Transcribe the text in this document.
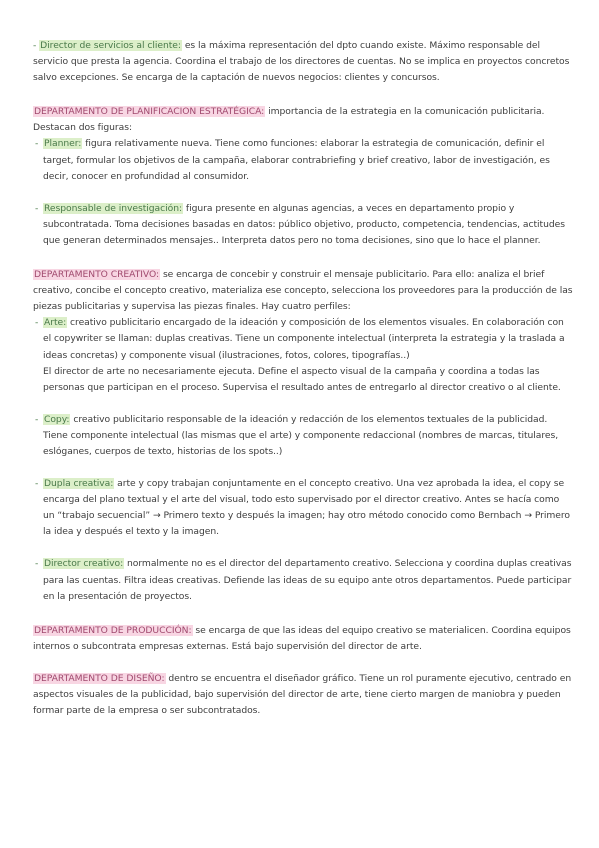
- Director de servicios al cliente: es la máxima representación del dpto cuando existe. Máximo responsable del servicio que presta la agencia. Coordina el trabajo de los directores de cuentas. No se implica en proyectos concretos salvo excepciones. Se encarga de la captación de nuevos negocios: clientes y concursos.

DEPARTAMENTO DE PLANIFICACION ESTRATÉGICA: importancia de la estrategia en la comunicación publicitaria. Destacan dos figuras:

- Planner: figura relativamente nueva. Tiene como funciones: elaborar la estrategia de comunicación, definir el target, formular los objetivos de la campaña, elaborar contrabriefing y brief creativo, labor de investigación, es decir, conocer en profundidad al consumidor.
- Responsable de investigación: figura presente en algunas agencias, a veces en departamento propio y subcontratada. Toma decisiones basadas en datos: público objetivo, producto, competencia, tendencias, actitudes que generan determinados mensajes.. Interpreta datos pero no toma decisiones, sino que lo hace el planner.

DEPARTAMENTO CREATIVO: se encarga de concebir y construir el mensaje publicitario. Para ello: analiza el brief creativo, concibe el concepto creativo, materializa ese concepto, selecciona los proveedores para la producción de las piezas publicitarias y supervisa las piezas finales. Hay cuatro perfiles:

- Arte: creativo publicitario encargado de la ideación y composición de los elementos visuales. En colaboración con el copywriter se llaman: duplas creativas. Tiene un componente intelectual (interpreta la estrategia y la traslada a ideas concretas) y componente visual (ilustraciones, fotos, colores, tipografías..)

El director de arte no necesariamente ejecuta. Define el aspecto visual de la campaña y coordina a todas las personas que participan en el proceso. Supervisa el resultado antes de entregarlo al director creativo o al cliente.

- Copy: creativo publicitario responsable de la ideación y redacción de los elementos textuales de la publicidad. Tiene componente intelectual (las mismas que el arte) y componente redaccional (nombres de marcas, titulares, eslóganes, cuerpos de texto, historias de los spots..)
- Dupla creativa: arte y copy trabajan conjuntamente en el concepto creativo. Una vez aprobada la idea, el copy se encarga del plano textual y el arte del visual, todo esto supervisado por el director creativo. Antes se hacía como un “trabajo secuencial” → Primero texto y después la imagen; hay otro método conocido como Bernbach → Primero la idea y después el texto y la imagen.
- Director creativo: normalmente no es el director del departamento creativo. Selecciona y coordina duplas creativas para las cuentas. Filtra ideas creativas. Defiende las ideas de su equipo ante otros departamentos. Puede participar en la presentación de proyectos.

DEPARTAMENTO DE PRODUCCIÓN: se encarga de que las ideas del equipo creativo se materialicen. Coordina equipos internos o subcontrata empresas externas. Está bajo supervisión del director de arte.

DEPARTAMENTO DE DISEÑO: dentro se encuentra el diseñador gráfico. Tiene un rol puramente ejecutivo, centrado en aspectos visuales de la publicidad, bajo supervisión del director de arte, tiene cierto margen de maniobra y pueden formar parte de la empresa o ser subcontratados.
